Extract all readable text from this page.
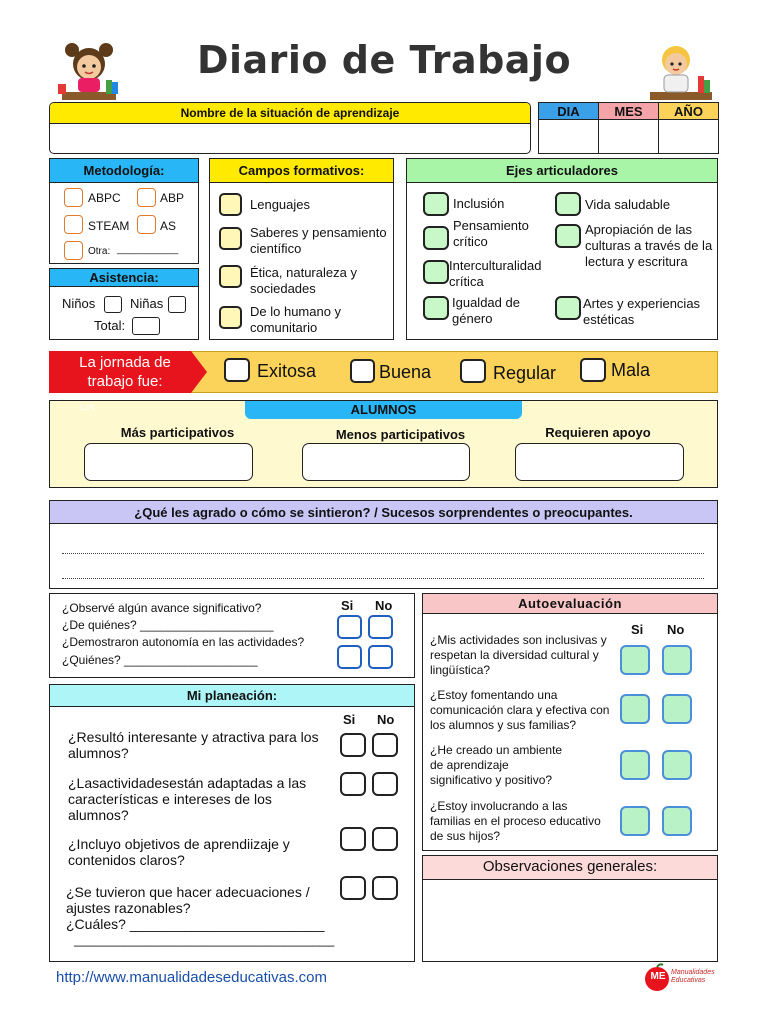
Diario de Trabajo
Nombre de la situación de aprendizaje	DIA	MES	AÑO
Metodología:
ABPC	ABP
STEAM	AS
Otra: ___________
Asistencia:
Niños	Niñas
Total:
Campos formativos:
Lenguajes
Saberes y pensamiento científico
Ética, naturaleza y sociedades
De lo humano y comunitario
Ejes articuladores
Inclusión
Pensamiento crítico
Interculturalidad crítica
Igualdad de género
Vida saludable
Apropiación de las culturas a través de la lectura y escritura
Artes y experiencias estéticas
La jornada de trabajo fue:
Exitosa	Buena	Regular	Mala
Los	ALUMNOS
Más participativos	Menos participativos	Requieren apoyo
¿Qué les agrado o cómo se sintieron? / Sucesos sorprendentes o preocupantes.
Si No
¿Observé algún avance significativo?
¿De quiénes? ____________________
¿Demostraron autonomía en las actividades?
¿Quiénes? ____________________
Mi planeación:
Si No
¿Resultó interesante y atractiva para los alumnos?
¿Lasactividadesestán adaptadas a las características e intereses de los alumnos?
¿Incluyo objetivos de aprendiizaje y contenidos claros?
¿Se tuvieron que hacer adecuaciones / ajustes razonables?
¿Cuáles? _________________________
____________________________________
Autoevaluación
Si No
¿Mis actividades son inclusivas y respetan la diversidad cultural y lingüística?
¿Estoy fomentando una comunicación clara y efectiva con los alumnos y sus familias?
¿He creado un ambiente de aprendizaje significativo y positivo?
¿Estoy involucrando a las familias en el proceso educativo de sus hijos?
Observaciones generales:
http://www.manualidadeseducativas.com	ME Manualidades Educativas
